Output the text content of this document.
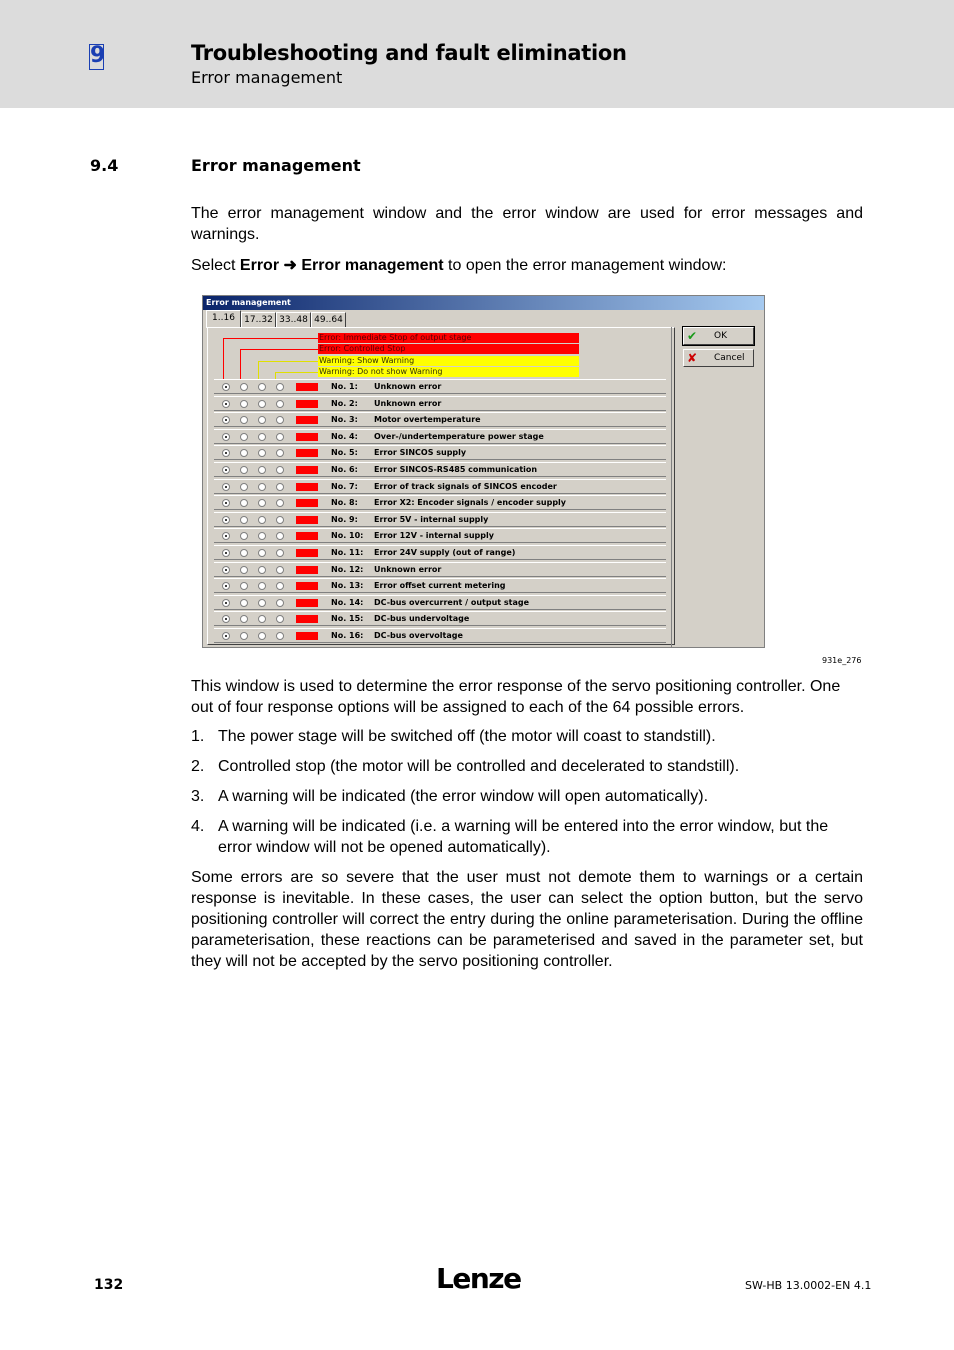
9	Troubleshooting and fault elimination
Error management
9.4	Error management
The error management window and the error window are used for error messages and warnings.
Select Error ➜ Error management to open the error management window:
Error management
1..16	17..32 33..48 49..64
Error: Immediate Stop of output stage
Error: Controlled Stop
Warning: Show Warning
Warning: Do not show Warning
No. 1: Unknown error
No. 2: Unknown error
No. 3: Motor overtemperature
No. 4: Over-/undertemperature power stage
No. 5: Error SINCOS supply
No. 6: Error SINCOS-RS485 communication
No. 7: Error of track signals of SINCOS encoder
No. 8: Error X2: Encoder signals / encoder supply
No. 9: Error 5V - internal supply
No. 10: Error 12V - internal supply
No. 11: Error 24V supply (out of range)
No. 12: Unknown error
No. 13: Error offset current metering
No. 14: DC-bus overcurrent / output stage
No. 15: DC-bus undervoltage
No. 16: DC-bus overvoltage
✔ OK
✘ Cancel
931e_276
This window is used to determine the error response of the servo positioning controller. One out of four response options will be assigned to each of the 64 possible errors.
1. The power stage will be switched off (the motor will coast to standstill).
2. Controlled stop (the motor will be controlled and decelerated to standstill).
3. A warning will be indicated (the error window will open automatically).
4. A warning will be indicated (i.e. a warning will be entered into the error window, but the error window will not be opened automatically).
Some errors are so severe that the user must not demote them to warnings or a certain response is inevitable. In these cases, the user can select the option button, but the servo positioning controller will correct the entry during the online parameterisation. During the offline parameterisation, these reactions can be parameterised and saved in the parameter set, but they will not be accepted by the servo positioning controller.
132	Lenze	SW-HB 13.0002-EN 4.1
